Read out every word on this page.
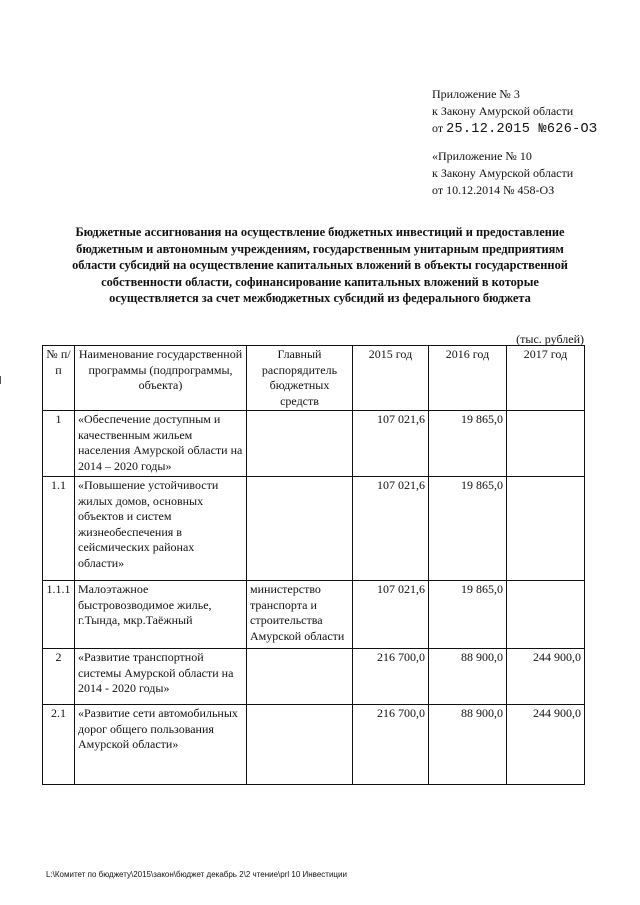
Приложение № 3
к Закону Амурской области
от 25.12.2015 №626-ОЗ
«Приложение № 10
к Закону Амурской области
от 10.12.2014 № 458-ОЗ
Бюджетные ассигнования на осуществление бюджетных инвестиций и предоставление бюджетным и автономным учреждениям, государственным унитарным предприятиям области субсидий на осуществление капитальных вложений в объекты государственной собственности области, софинансирование капитальных вложений в которые осуществляется за счет межбюджетных субсидий из федерального бюджета
(тыс. рублей)
№ п/п	Наименование государственной программы (подпрограммы, объекта)	Главный распорядитель бюджетных средств	2015 год	2016 год	2017 год
1	«Обеспечение доступным и качественным жильем населения Амурской области на 2014 – 2020 годы»		107 021,6	19 865,0	
1.1	«Повышение устойчивости жилых домов, основных объектов и систем жизнеобеспечения в сейсмических районах области»		107 021,6	19 865,0	
1.1.1	Малоэтажное быстровозводимое жилье, г.Тында, мкр.Таёжный	министерство транспорта и строительства Амурской области	107 021,6	19 865,0	
2	«Развитие транспортной системы Амурской области на 2014 - 2020 годы»		216 700,0	88 900,0	244 900,0
2.1	«Развитие сети автомобильных дорог общего пользования Амурской области»		216 700,0	88 900,0	244 900,0
L:\Комитет по бюджету\2015\закон\бюджет декабрь 2\2 чтение\prl 10 Инвестиции
